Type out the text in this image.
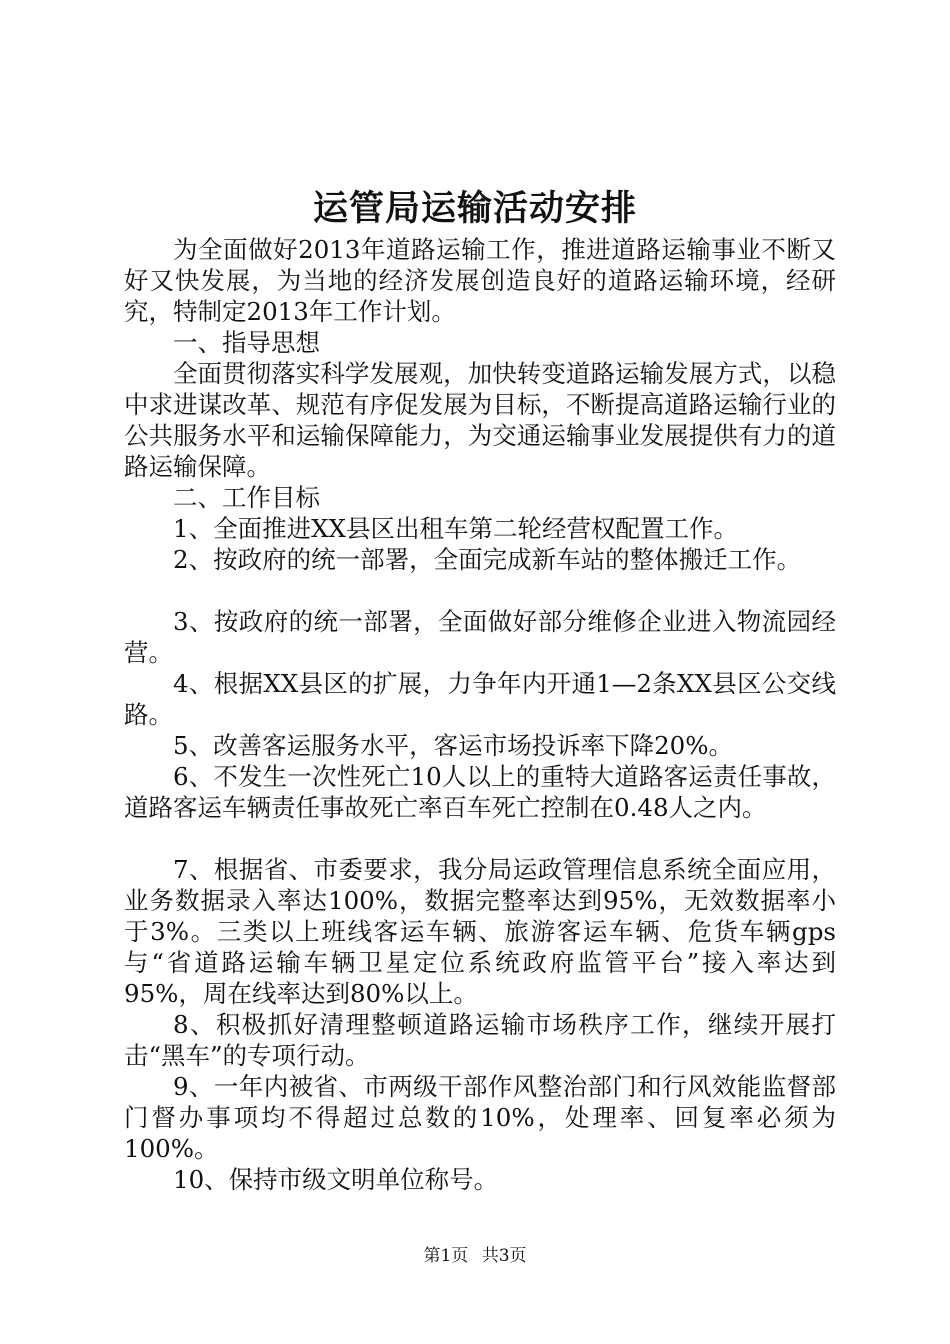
运管局运输活动安排

为全面做好2013年道路运输工作，推进道路运输事业不断又好又快发展，为当地的经济发展创造良好的道路运输环境，经研究，特制定2013年工作计划。

一、指导思想

全面贯彻落实科学发展观，加快转变道路运输发展方式，以稳中求进谋改革、规范有序促发展为目标，不断提高道路运输行业的公共服务水平和运输保障能力，为交通运输事业发展提供有力的道路运输保障。

二、工作目标

1、全面推进XX县区出租车第二轮经营权配置工作。

2、按政府的统一部署，全面完成新车站的整体搬迁工作。

3、按政府的统一部署，全面做好部分维修企业进入物流园经营。

4、根据XX县区的扩展，力争年内开通1—2条XX县区公交线路。

5、改善客运服务水平，客运市场投诉率下降20%。

6、不发生一次性死亡10人以上的重特大道路客运责任事故，道路客运车辆责任事故死亡率百车死亡控制在0.48人之内。

7、根据省、市委要求，我分局运政管理信息系统全面应用，业务数据录入率达100%，数据完整率达到95%，无效数据率小于3%。三类以上班线客运车辆、旅游客运车辆、危货车辆gps与“省道路运输车辆卫星定位系统政府监管平台”接入率达到95%，周在线率达到80%以上。

8、积极抓好清理整顿道路运输市场秩序工作，继续开展打击“黑车”的专项行动。

9、一年内被省、市两级干部作风整治部门和行风效能监督部门督办事项均不得超过总数的10%，处理率、回复率必须为100%。

10、保持市级文明单位称号。

第1页 共3页
